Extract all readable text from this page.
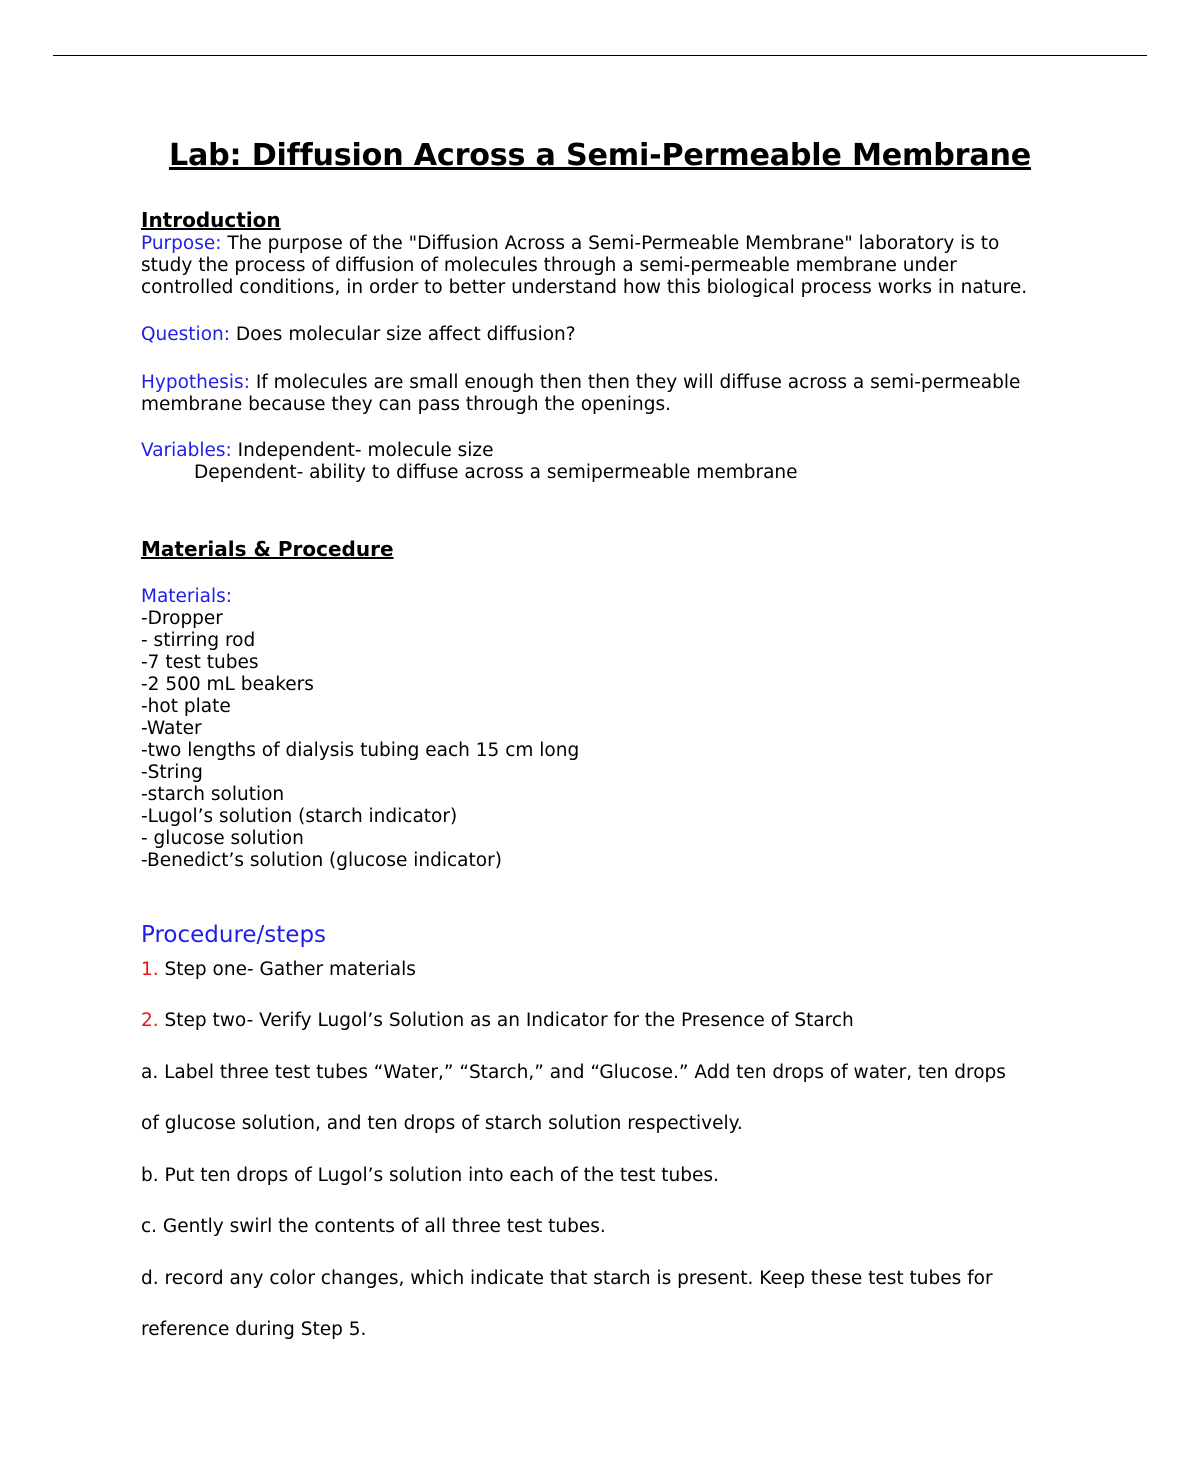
Lab: Diffusion Across a Semi-Permeable Membrane
Introduction
Purpose: The purpose of the "Diffusion Across a Semi-Permeable Membrane" laboratory is to
study the process of diffusion of molecules through a semi-permeable membrane under
controlled conditions, in order to better understand how this biological process works in nature.
Question: Does molecular size affect diffusion?
Hypothesis: If molecules are small enough then then they will diffuse across a semi-permeable
membrane because they can pass through the openings.
Variables: Independent- molecule size
Dependent- ability to diffuse across a semipermeable membrane
Materials & Procedure
Materials:
-Dropper
- stirring rod
-7 test tubes
-2 500 mL beakers
-hot plate
-Water
-two lengths of dialysis tubing each 15 cm long
-String
-starch solution
-Lugol’s solution (starch indicator)
- glucose solution
-Benedict’s solution (glucose indicator)
Procedure/steps
1. Step one- Gather materials
2. Step two- Verify Lugol’s Solution as an Indicator for the Presence of Starch
a. Label three test tubes “Water,” “Starch,” and “Glucose.” Add ten drops of water, ten drops
of glucose solution, and ten drops of starch solution respectively.
b. Put ten drops of Lugol’s solution into each of the test tubes.
c. Gently swirl the contents of all three test tubes.
d. record any color changes, which indicate that starch is present. Keep these test tubes for
reference during Step 5.
